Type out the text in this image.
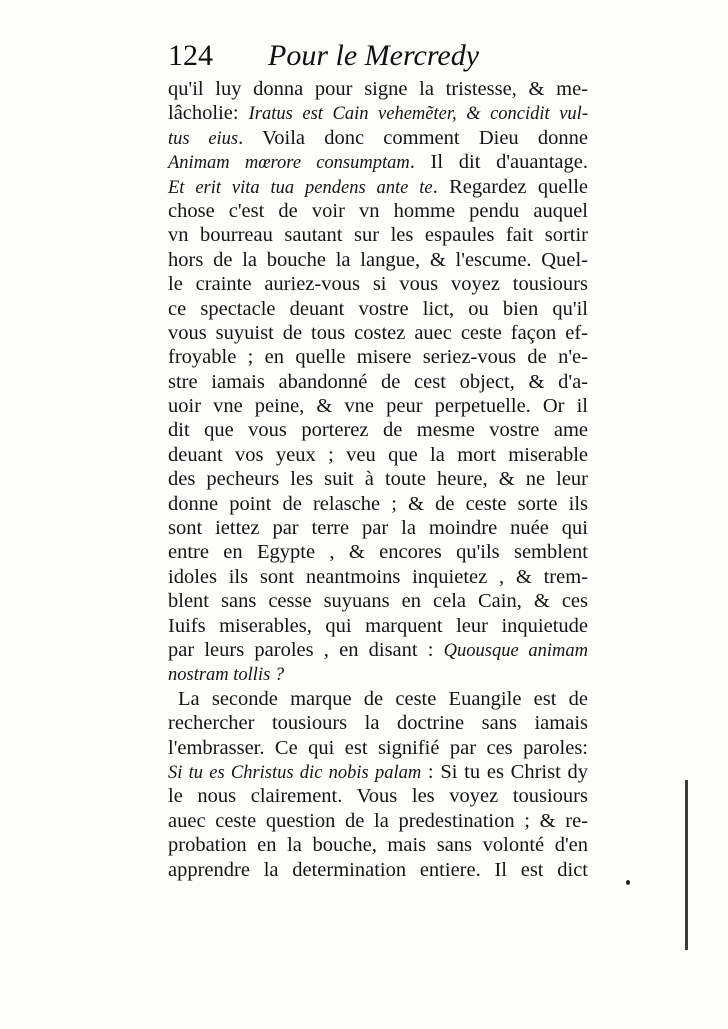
124 Pour le Mercredy
qu'il luy donna pour signe la tristesse, & me-
lâcholie: Iratus est Cain vehemẽter, & concidit vul-
tus eius. Voila donc comment Dieu donne
Animam mœrore consumptam. Il dit d'auantage.
Et erit vita tua pendens ante te. Regardez quelle
chose c'est de voir vn homme pendu auquel
vn bourreau sautant sur les espaules fait sortir
hors de la bouche la langue, & l'escume. Quel-
le crainte auriez-vous si vous voyez tousiours
ce spectacle deuant vostre lict, ou bien qu'il
vous suyuist de tous costez auec ceste façon ef-
froyable ; en quelle misere seriez-vous de n'e-
stre iamais abandonné de cest object, & d'a-
uoir vne peine, & vne peur perpetuelle. Or il
dit que vous porterez de mesme vostre ame
deuant vos yeux ; veu que la mort miserable
des pecheurs les suit à toute heure, & ne leur
donne point de relasche ; & de ceste sorte ils
sont iettez par terre par la moindre nuée qui
entre en Egypte , & encores qu'ils semblent
idoles ils sont neantmoins inquietez , & trem-
blent sans cesse suyuans en cela Cain, & ces
Iuifs miserables, qui marquent leur inquietude
par leurs paroles , en disant : Quousque animam
nostram tollis ?
La seconde marque de ceste Euangile est de
rechercher tousiours la doctrine sans iamais
l'embrasser. Ce qui est signifié par ces paroles:
Si tu es Christus dic nobis palam : Si tu es Christ dy
le nous clairement. Vous les voyez tousiours
auec ceste question de la predestination ; & re-
probation en la bouche, mais sans volonté d'en
apprendre la determination entiere. Il est dict
